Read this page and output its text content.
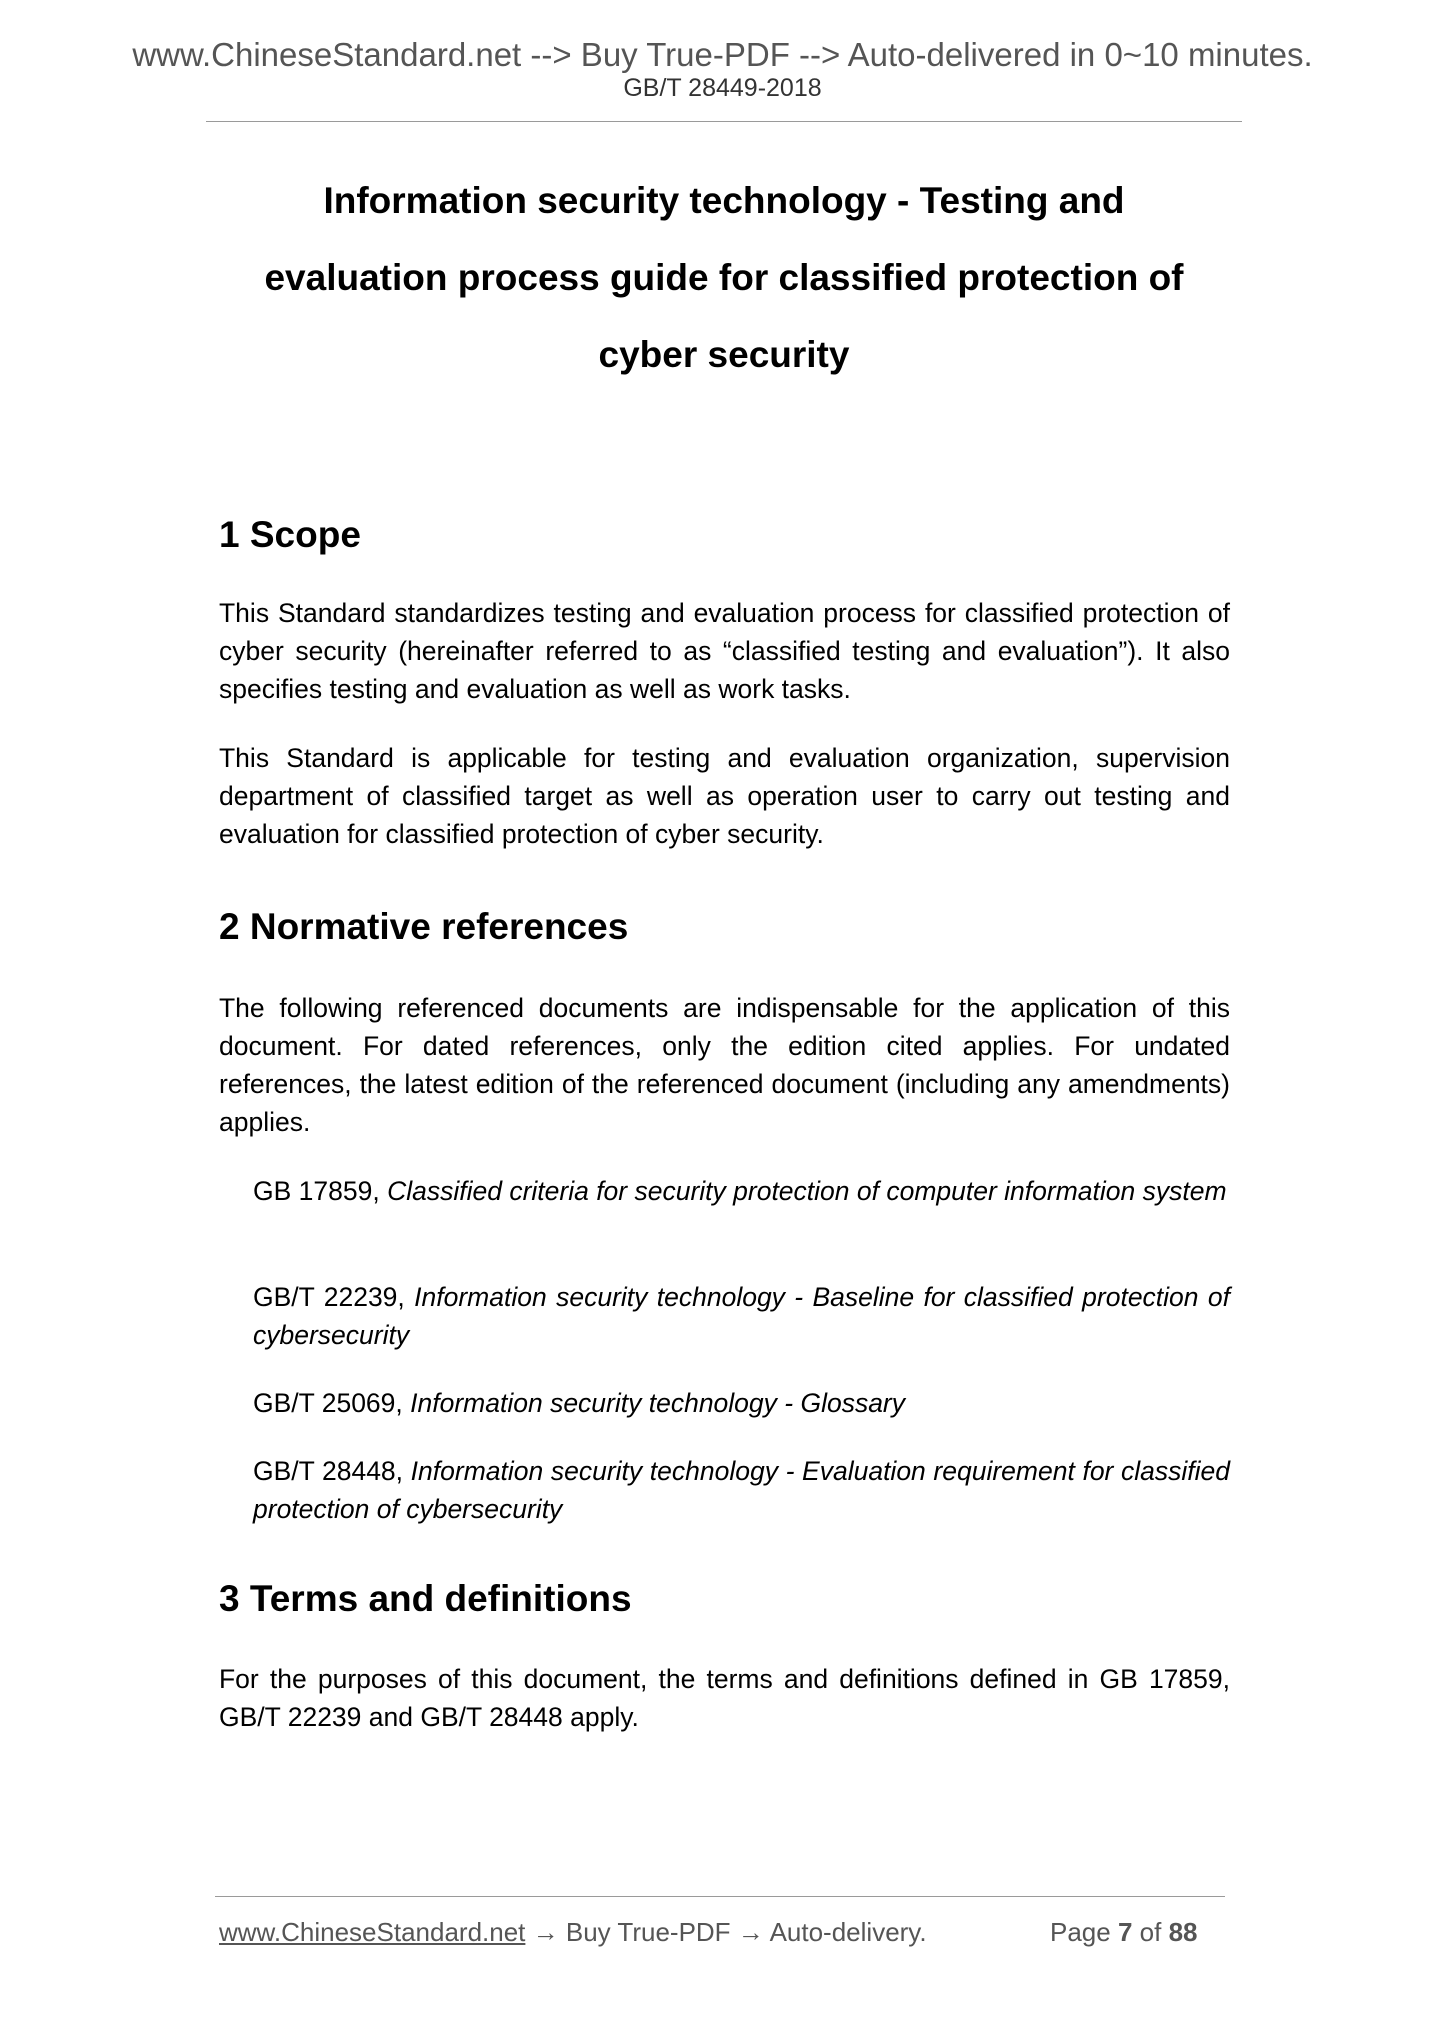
www.ChineseStandard.net --> Buy True-PDF --> Auto-delivered in 0~10 minutes.
GB/T 28449-2018
Information security technology - Testing and
evaluation process guide for classified protection of
cyber security
1 Scope

This Standard standardizes testing and evaluation process for classified protection of cyber security (hereinafter referred to as “classified testing and evaluation”). It also specifies testing and evaluation as well as work tasks.

This Standard is applicable for testing and evaluation organization, supervision department of classified target as well as operation user to carry out testing and evaluation for classified protection of cyber security.

2 Normative references

The following referenced documents are indispensable for the application of this document. For dated references, only the edition cited applies. For undated references, the latest edition of the referenced document (including any amendments) applies.

GB 17859, Classified criteria for security protection of computer information system

GB/T 22239, Information security technology - Baseline for classified protection of cybersecurity

GB/T 25069, Information security technology - Glossary

GB/T 28448, Information security technology - Evaluation requirement for classified protection of cybersecurity

3 Terms and definitions

For the purposes of this document, the terms and definitions defined in GB 17859, GB/T 22239 and GB/T 28448 apply.

www.ChineseStandard.net → Buy True-PDF → Auto-delivery.	Page 7 of 88
